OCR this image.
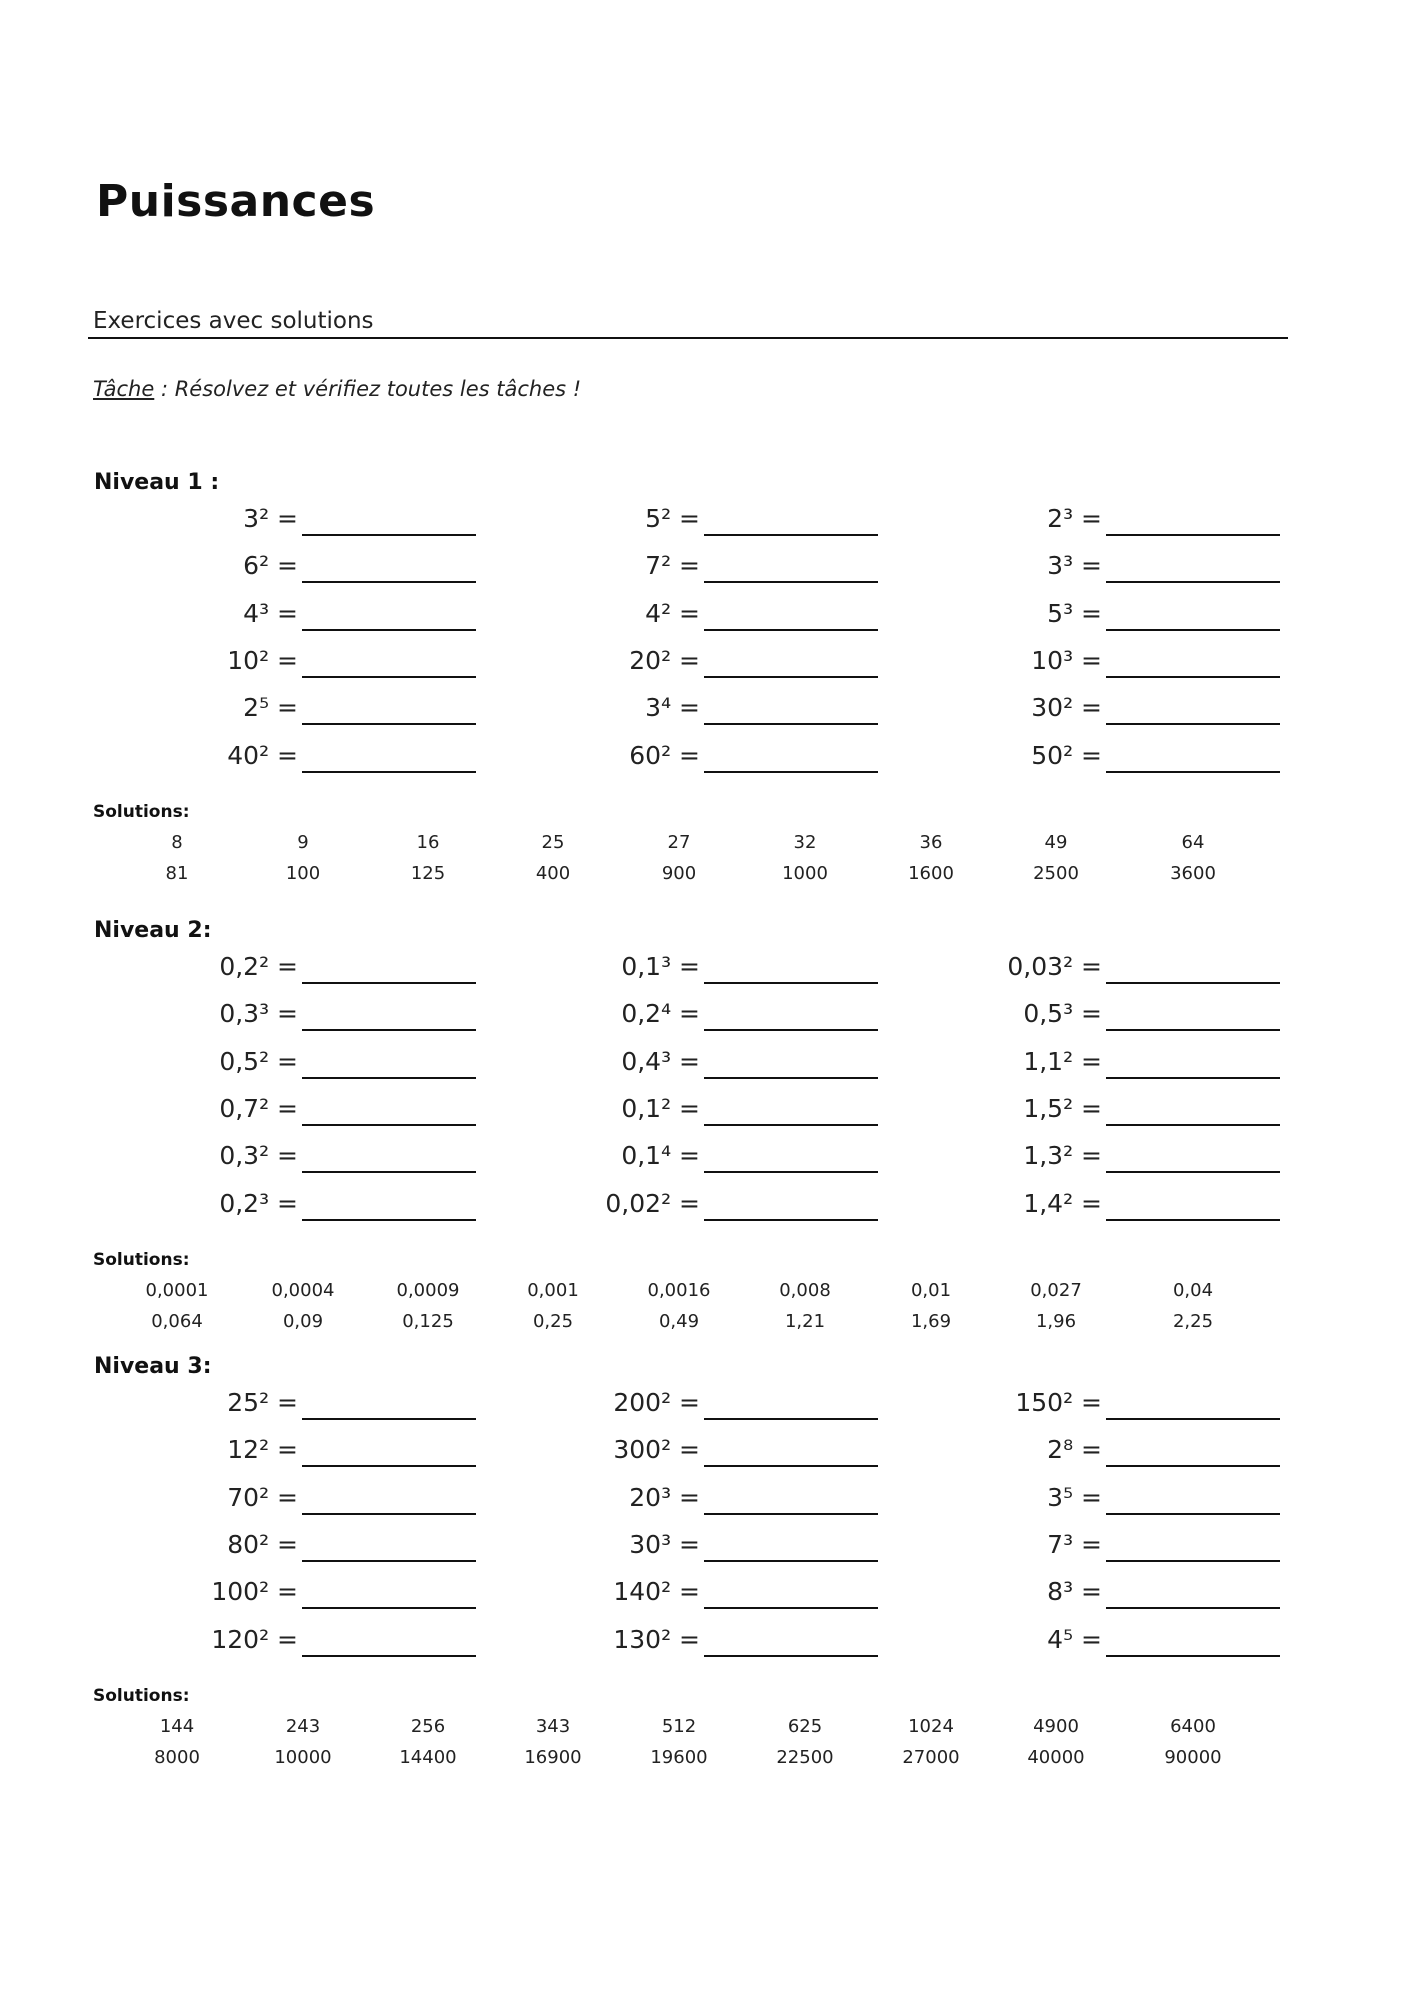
Puissances
Exercices avec solutions
Tâche : Résolvez et vérifiez toutes les tâches !
Niveau 1 :
3² =
6² =
4³ =
10² =
2⁵ =
40² =
5² =
7² =
4² =
20² =
3⁴ =
60² =
2³ =
3³ =
5³ =
10³ =
30² =
50² =
Solutions:
8	9	16	25	27	32	36	49	64
81	100	125	400	900	1000	1600	2500	3600
Niveau 2:
0,2² =
0,3³ =
0,5² =
0,7² =
0,3² =
0,2³ =
0,1³ =
0,2⁴ =
0,4³ =
0,1² =
0,1⁴ =
0,02² =
0,03² =
0,5³ =
1,1² =
1,5² =
1,3² =
1,4² =
Solutions:
0,0001	0,0004	0,0009	0,001	0,0016	0,008	0,01	0,027	0,04
0,064	0,09	0,125	0,25	0,49	1,21	1,69	1,96	2,25
Niveau 3:
25² =
12² =
70² =
80² =
100² =
120² =
200² =
300² =
20³ =
30³ =
140² =
130² =
150² =
2⁸ =
3⁵ =
7³ =
8³ =
4⁵ =
Solutions:
144	243	256	343	512	625	1024	4900	6400
8000	10000	14400	16900	19600	22500	27000	40000	90000
